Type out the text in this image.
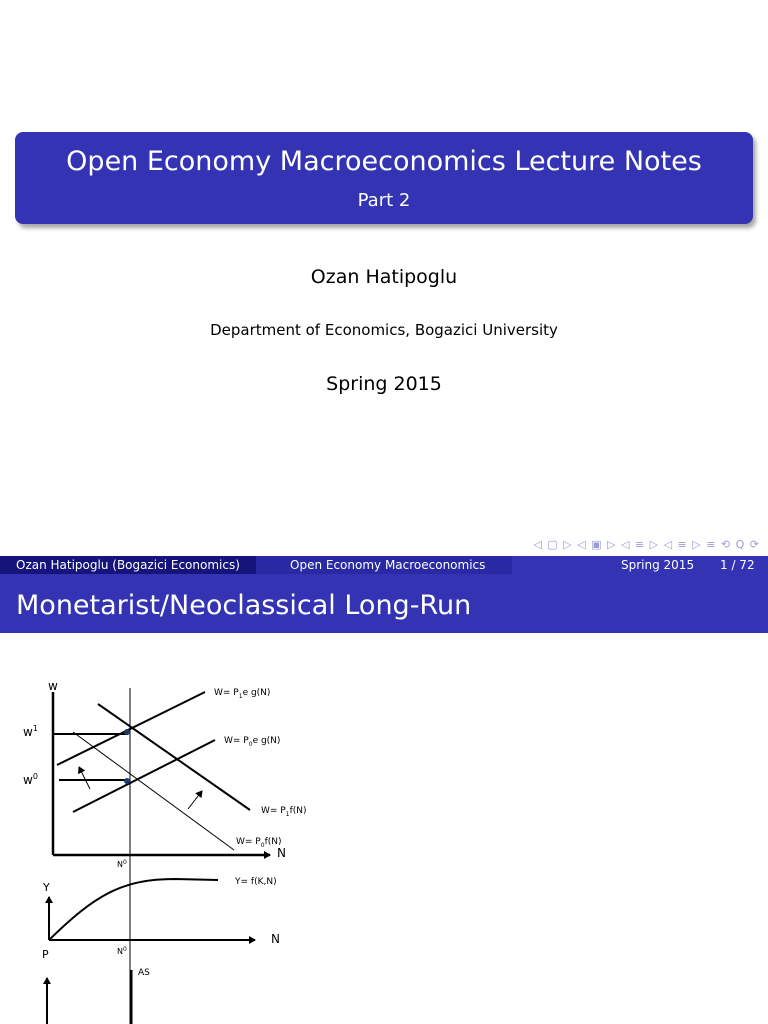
Open Economy Macroeconomics Lecture Notes
Part 2
Ozan Hatipoglu
Department of Economics, Bogazici University
Spring 2015
◁ ▢ ▷ ◁ ▣ ▷ ◁ ≡ ▷ ◁ ≡ ▷ ≡ ⟲ Q ⟳
Ozan Hatipoglu (Bogazici Economics)	Open Economy Macroeconomics	Spring 2015 1 / 72
Monetarist/Neoclassical Long-Run
w
$w^1$
$w^0$
$W= P_1e$ g(N)
$W= P_0e$ g(N)
$W= P_1f(N)$
$W= P_0f(N)$
N
$N^0$
Y	Y= f(K,N)
N
P	$N^0$
AS
